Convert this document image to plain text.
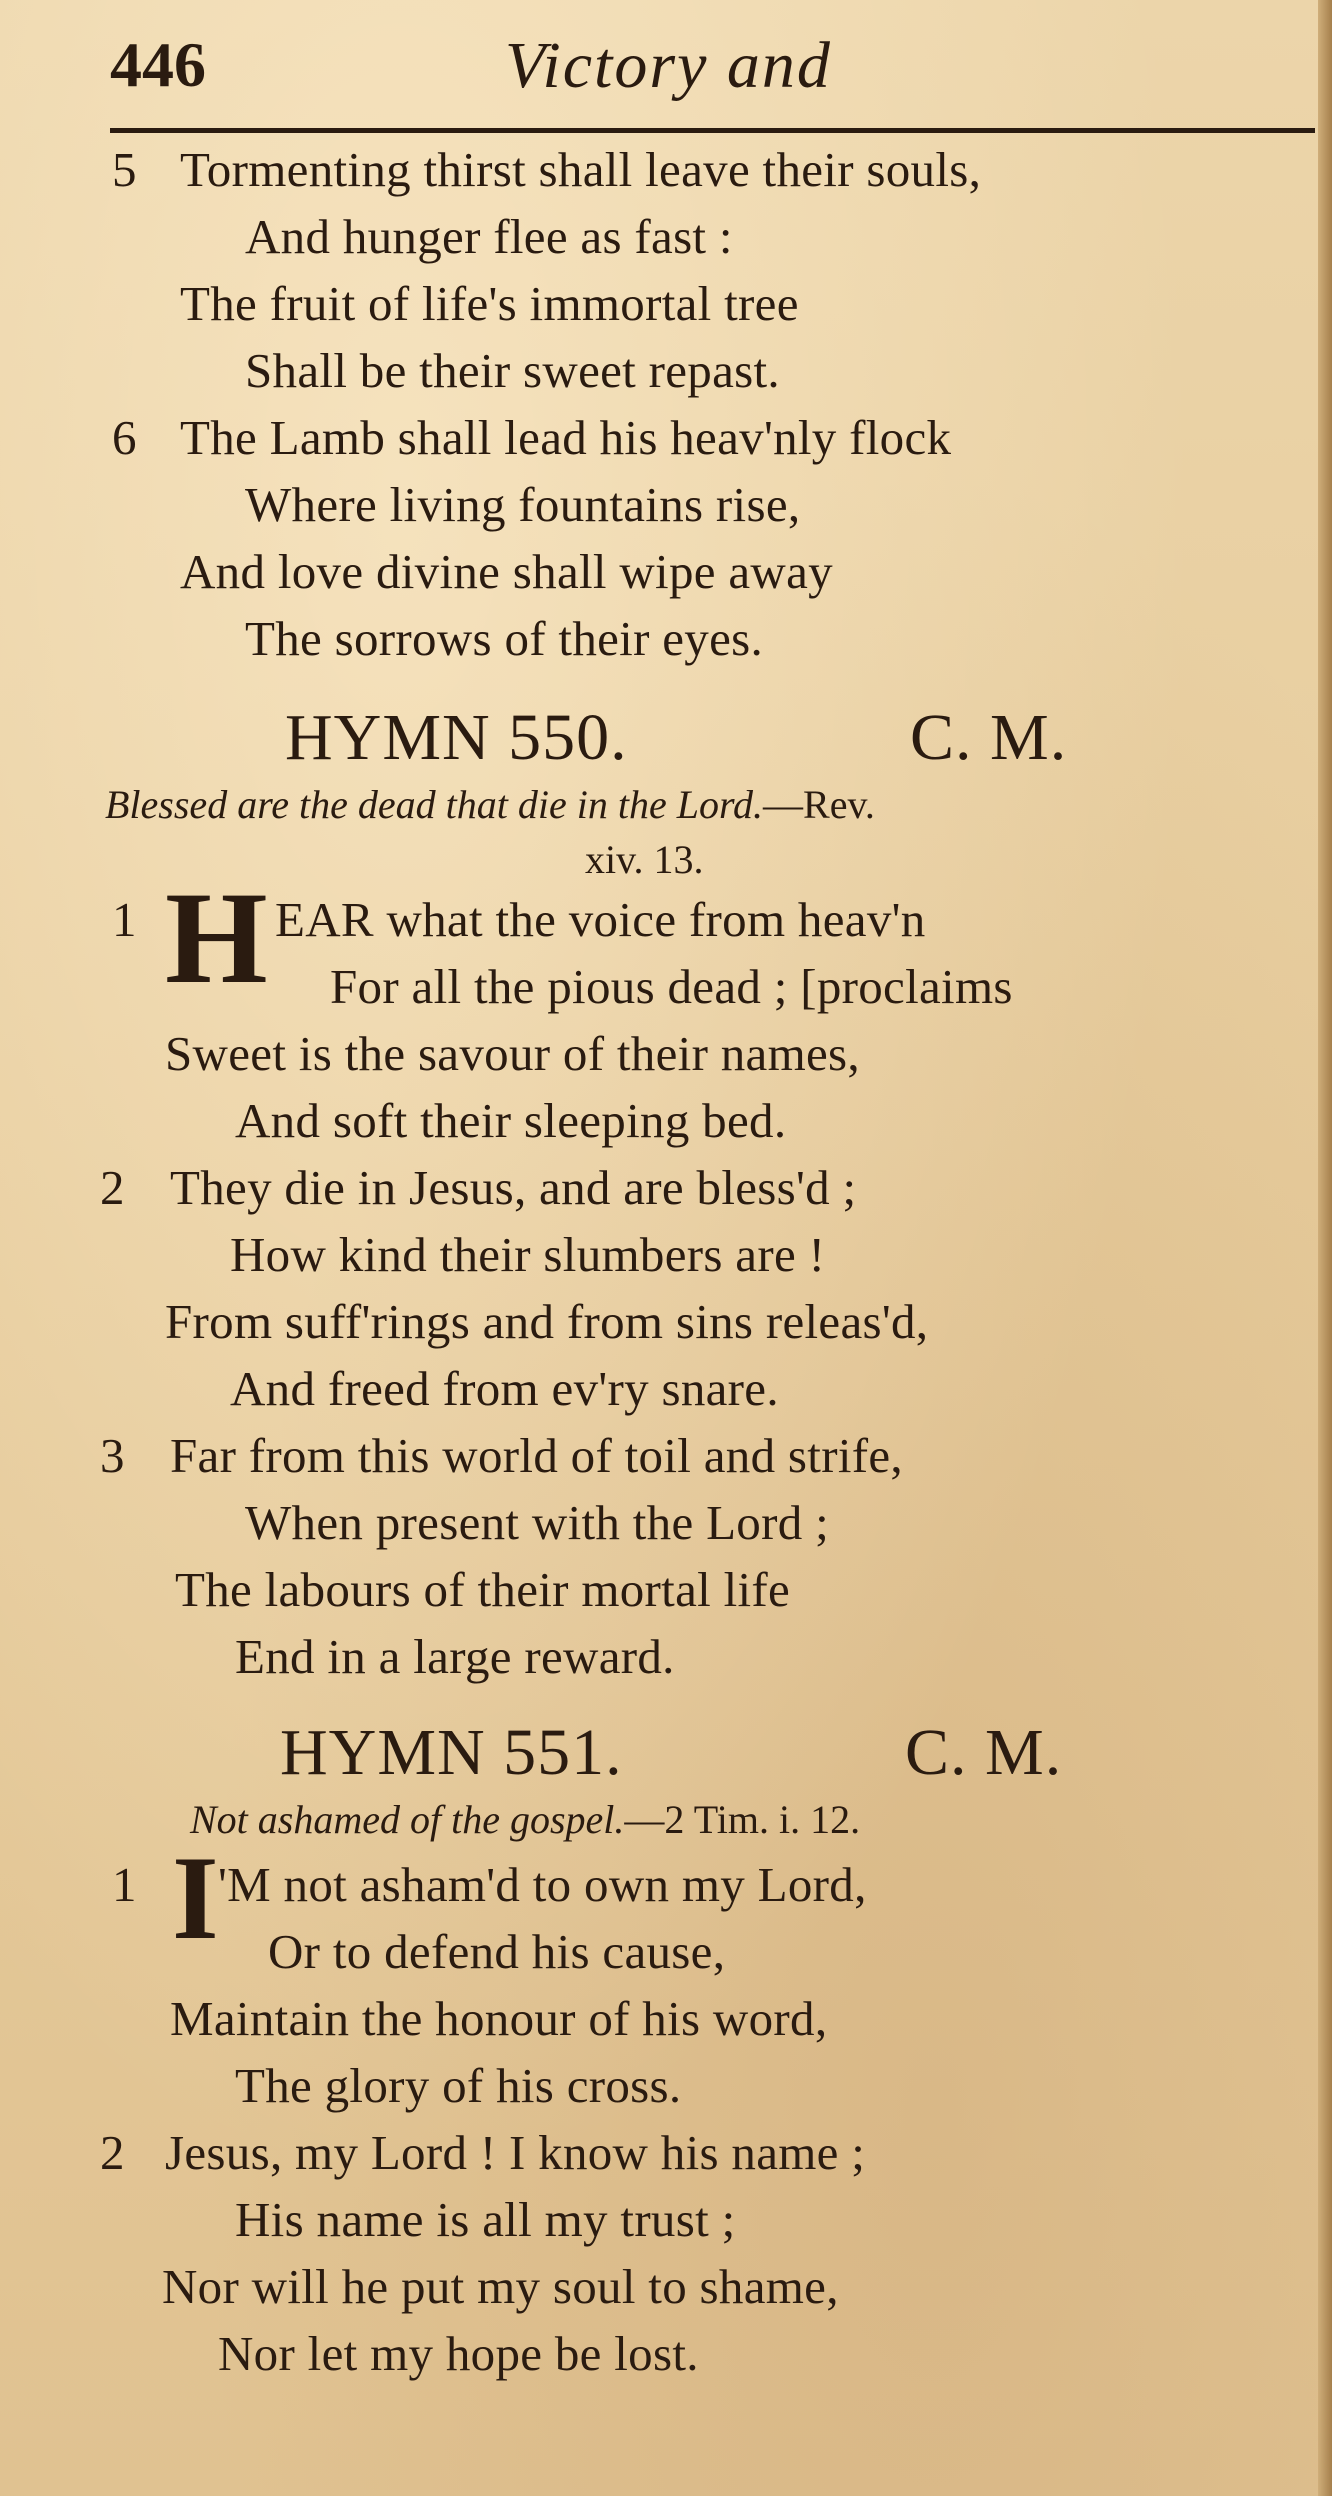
446	Victory and
5 Tormenting thirst shall leave their souls,
And hunger flee as fast :
The fruit of life's immortal tree
Shall be their sweet repast.
6 The Lamb shall lead his heav'nly flock
Where living fountains rise,
And love divine shall wipe away
The sorrows of their eyes.
HYMN 550.	C. M.
Blessed are the dead that die in the Lord.—Rev.
xiv. 13.
1 H EAR what the voice from heav'n
For all the pious dead ; [proclaims
Sweet is the savour of their names,
And soft their sleeping bed.
2 They die in Jesus, and are bless'd ;
How kind their slumbers are !
From suff'rings and from sins releas'd,
And freed from ev'ry snare.
3 Far from this world of toil and strife,
When present with the Lord ;
The labours of their mortal life
End in a large reward.
HYMN 551.	C. M.
Not ashamed of the gospel.—2 Tim. i. 12.
1 I 'M not asham'd to own my Lord,
Or to defend his cause,
Maintain the honour of his word,
The glory of his cross.
2 Jesus, my Lord ! I know his name ;
His name is all my trust ;
Nor will he put my soul to shame,
Nor let my hope be lost.
